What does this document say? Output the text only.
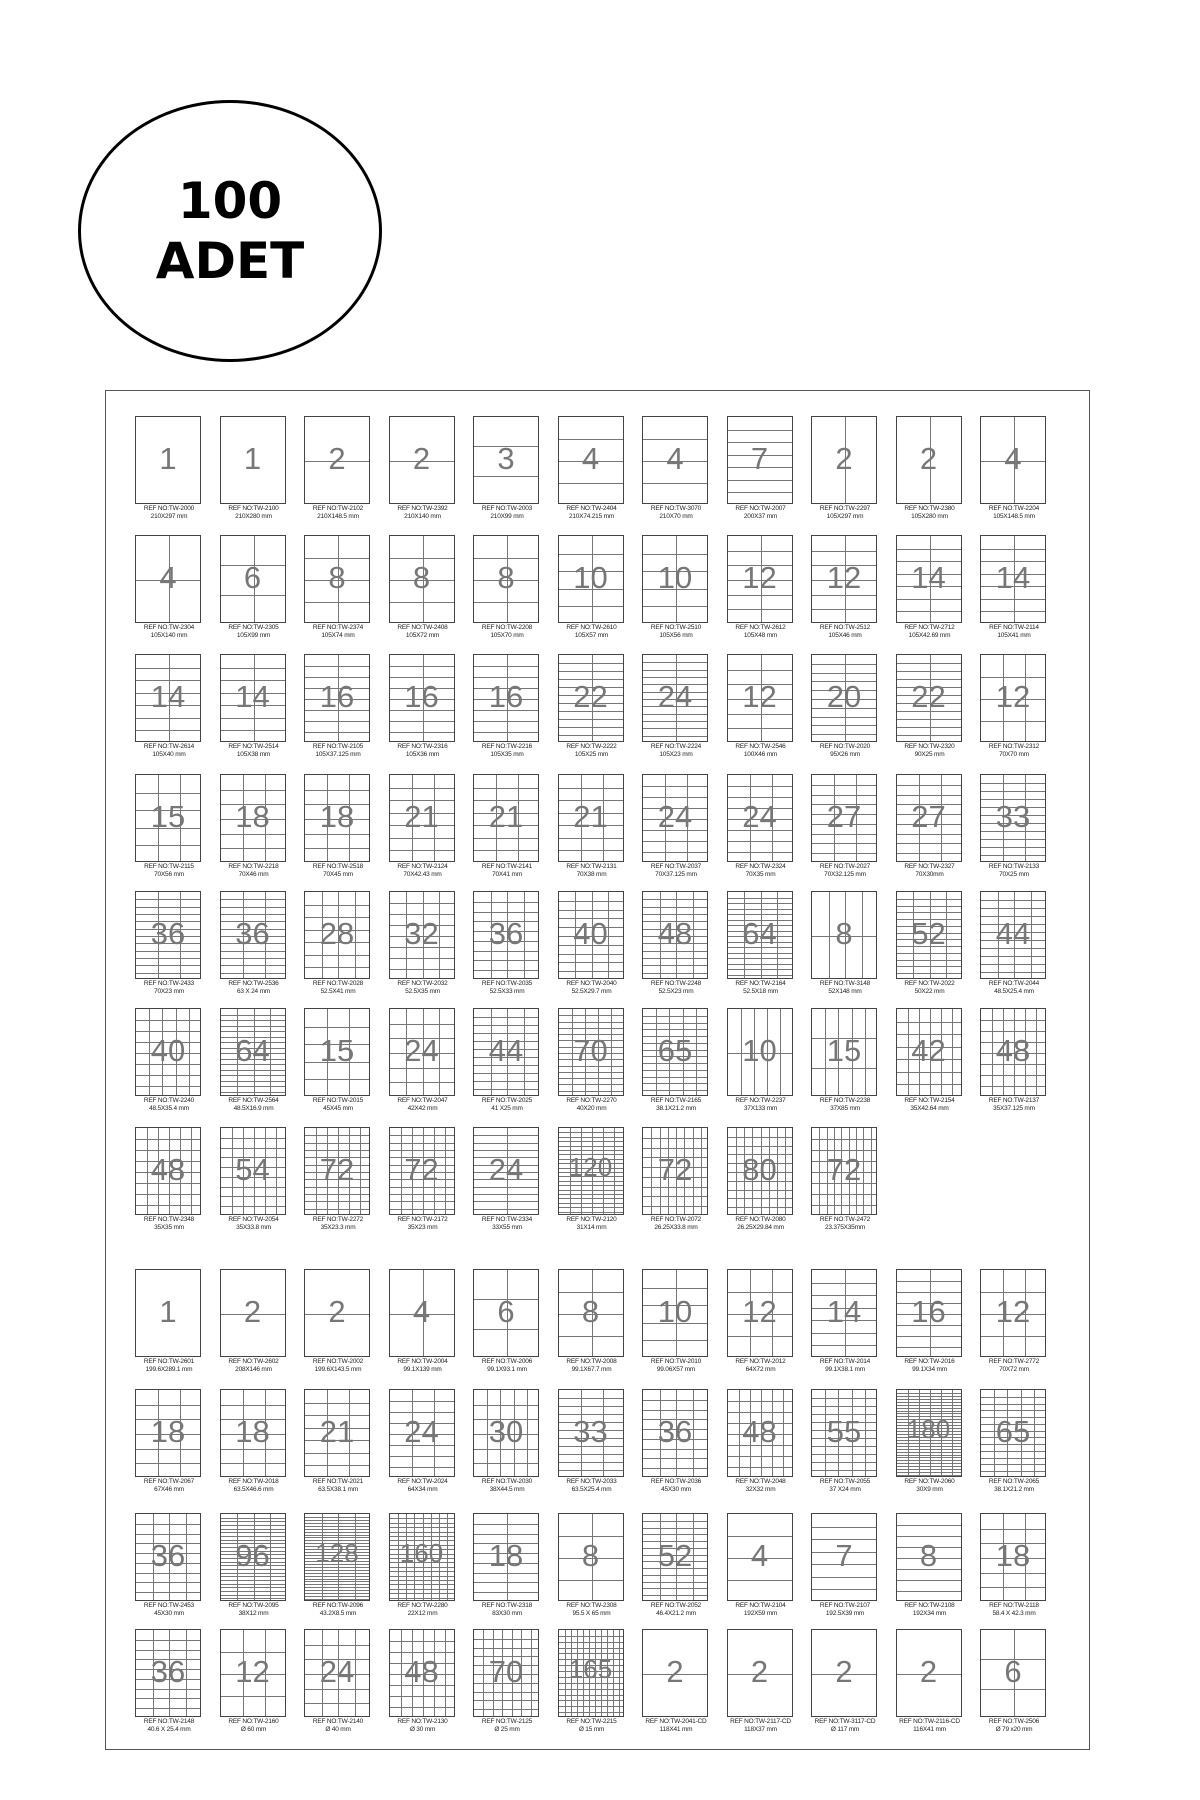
100
ADET
1
REF NO:TW-2000
210X297 mm
1
REF NO:TW-2100
210X280 mm
2
REF NO:TW-2102
210X148.5 mm
2
REF NO:TW-2392
210X140 mm
3
REF NO:TW-2003
210X99 mm
4
REF NO:TW-2404
210X74.215 mm
4
REF NO:TW-3070
210X70 mm
7
REF NO:TW-2007
200X37 mm
2
REF NO:TW-2297
105X297 mm
2
REF NO:TW-2380
105X280 mm
4
REF NO:TW-2204
105X148.5 mm
4
REF NO:TW-2304
105X140 mm
6
REF NO:TW-2305
105X99 mm
8
REF NO:TW-2374
105X74 mm
8
REF NO:TW-2408
105X72 mm
8
REF NO:TW-2208
105X70 mm
10
REF NO:TW-2610
105X57 mm
10
REF NO:TW-2510
105X56 mm
12
REF NO:TW-2612
105X48 mm
12
REF NO:TW-2512
105X46 mm
14
REF NO:TW-2712
105X42.69 mm
14
REF NO:TW-2114
105X41 mm
14
REF NO:TW-2614
105X40 mm
14
REF NO:TW-2514
105X38 mm
16
REF NO:TW-2105
105X37.125 mm
16
REF NO:TW-2316
105X36 mm
16
REF NO:TW-2216
105X35 mm
22
REF NO:TW-2222
105X25 mm
24
REF NO:TW-2224
105X23 mm
12
REF NO:TW-2546
100X46 mm
20
REF NO:TW-2020
95X26 mm
22
REF NO:TW-2320
90X25 mm
12
REF NO:TW-2312
70X70 mm
15
REF NO:TW-2115
70X56 mm
18
REF NO:TW-2218
70X46 mm
18
REF NO:TW-2518
70X45 mm
21
REF NO:TW-2124
70X42.43 mm
21
REF NO:TW-2141
70X41 mm
21
REF NO:TW-2131
70X38 mm
24
REF NO:TW-2037
70X37.125 mm
24
REF NO:TW-2324
70X35 mm
27
REF NO:TW-2027
70X32.125 mm
27
REF NO:TW-2327
70X30mm
33
REF NO:TW-2133
70X25 mm
36
REF NO:TW-2433
70X23 mm
36
REF NO:TW-2536
63 X 24 mm
28
REF NO:TW-2028
52.5X41 mm
32
REF NO:TW-2032
52.5X35 mm
36
REF NO:TW-2035
52.5X33 mm
40
REF NO:TW-2040
52.5X29.7 mm
48
REF NO:TW-2248
52.5X23 mm
64
REF NO:TW-2164
52.5X18 mm
8
REF NO:TW-3148
52X148 mm
52
REF NO:TW-2022
50X22 mm
44
REF NO:TW-2044
48.5X25.4 mm
40
REF NO:TW-2240
48.5X35.4 mm
64
REF NO:TW-2564
48.5X16.9 mm
15
REF NO:TW-2015
45X45 mm
24
REF NO:TW-2047
42X42 mm
44
REF NO:TW-2025
41 X25 mm
70
REF NO:TW-2270
40X20 mm
65
REF NO:TW-2165
38.1X21.2 mm
10
REF NO:TW-2237
37X133 mm
15
REF NO:TW-2238
37X85 mm
42
REF NO:TW-2154
35X42.64 mm
48
REF NO:TW-2137
35X37.125 mm
48
REF NO:TW-2348
35X35 mm
54
REF NO:TW-2054
35X33.8 mm
72
REF NO:TW-2272
35X23.3 mm
72
REF NO:TW-2172
35X23 mm
24
REF NO:TW-2334
33X55 mm
120
REF NO:TW-2120
31X14 mm
72
REF NO:TW-2072
26.25X33.8 mm
80
REF NO:TW-2080
26.25X29.84 mm
72
REF NO:TW-2472
23.375X35mm
1
REF NO:TW-2601
199.6X289.1 mm
2
REF NO:TW-2602
208X146 mm
2
REF NO:TW-2002
199.6X143.5 mm
4
REF NO:TW-2004
99.1X139 mm
6
REF NO:TW-2006
99.1X93.1 mm
8
REF NO:TW-2008
99.1X67.7 mm
10
REF NO:TW-2010
99.06X57 mm
12
REF NO:TW-2012
64X72 mm
14
REF NO:TW-2014
99.1X38.1 mm
16
REF NO:TW-2016
99.1X34 mm
12
REF NO:TW-2772
70X72 mm
18
REF NO:TW-2067
67X46 mm
18
REF NO:TW-2018
63.5X46.6 mm
21
REF NO:TW-2021
63.5X38.1 mm
24
REF NO:TW-2024
64X34 mm
30
REF NO:TW-2030
38X44.5 mm
33
REF NO:TW-2033
63.5X25.4 mm
36
REF NO:TW-2036
45X30 mm
48
REF NO:TW-2048
32X32 mm
55
REF NO:TW-2055
37 X24 mm
180
REF NO:TW-2060
30X9 mm
65
REF NO:TW-2065
38.1X21.2 mm
36
REF NO:TW-2453
45X30 mm
96
REF NO:TW-2095
38X12 mm
128
REF NO:TW-2096
43.2X8.5 mm
160
REF NO:TW-2280
22X12 mm
18
REF NO:TW-2318
83X30 mm
8
REF NO:TW-2308
95.5 X 65 mm
52
REF NO:TW-2052
46.4X21.2 mm
4
REF NO:TW-2104
192X59 mm
7
REF NO:TW-2107
192.5X39 mm
8
REF NO:TW-2108
192X34 mm
18
REF NO:TW-2118
58.4 X 42.3 mm
36
REF NO:TW-2148
40.6 X 25.4 mm
12
REF NO:TW-2160
Ø 60 mm
24
REF NO:TW-2140
Ø 40 mm
48
REF NO:TW-2130
Ø 30 mm
70
REF NO:TW-2125
Ø 25 mm
165
REF NO:TW-2215
Ø 15 mm
2
REF NO:TW-2041-CD
118X41 mm
2
REF NO:TW-2117-CD
118X37 mm
2
REF NO:TW-3117-CD
Ø 117 mm
2
REF NO:TW-2116-CD
116X41 mm
6
REF NO:TW-2506
Ø 79 x20 mm
